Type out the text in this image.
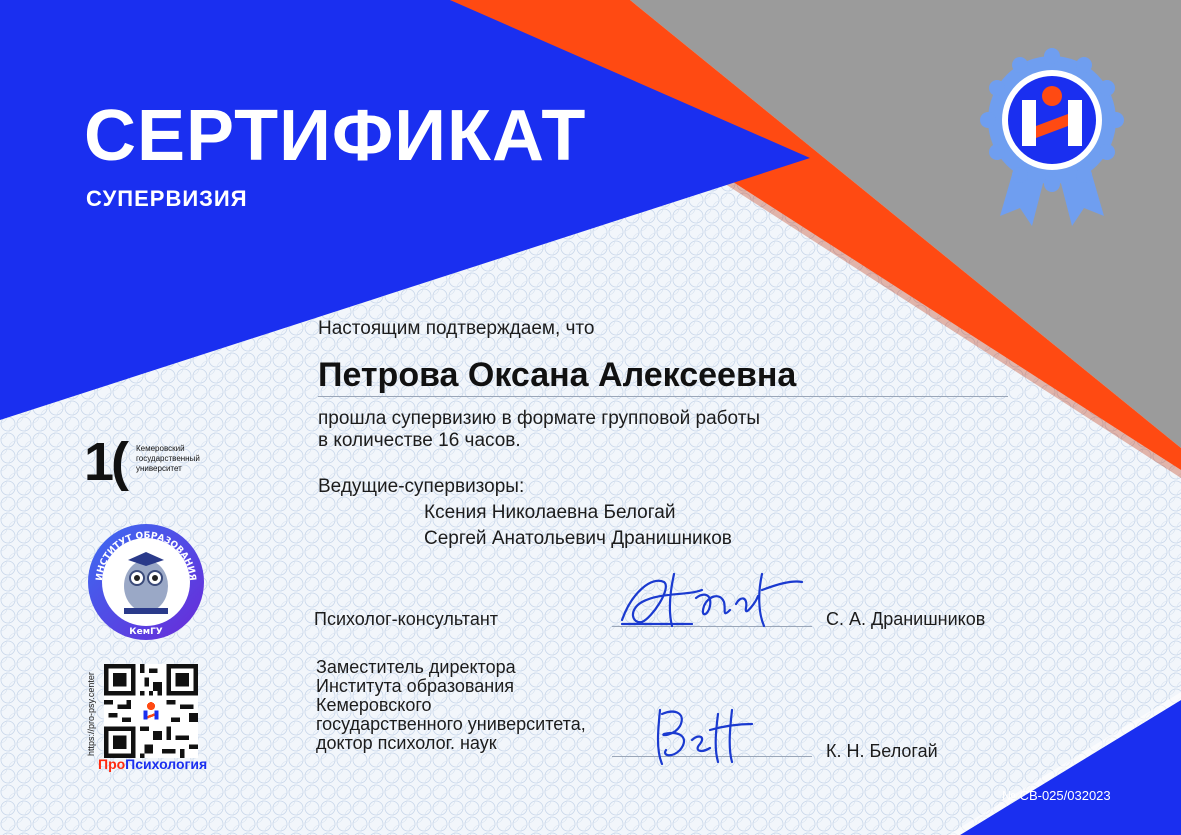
СЕРТИФИКАТ
СУПЕРВИЗИЯ
Настоящим подтверждаем, что
Петрова Оксана Алексеевна
прошла супервизию в формате групповой работы
в количестве 16 часов.
Ведущие-супервизоры:
Ксения Николаевна Белогай
Сергей Анатольевич Дранишников
Психолог-консультант	С. А. Дранишников
Заместитель директора
Института образования
Кемеровского
государственного университета,
доктор психолог. наук	К. Н. Белогай
№ СВ-025/032023
1( Кемеровский
государственный
университет
ИНСТИТУТ ОБРАЗОВАНИЯ
КемГУ
https://pro-psy.center
ПроПсихология
